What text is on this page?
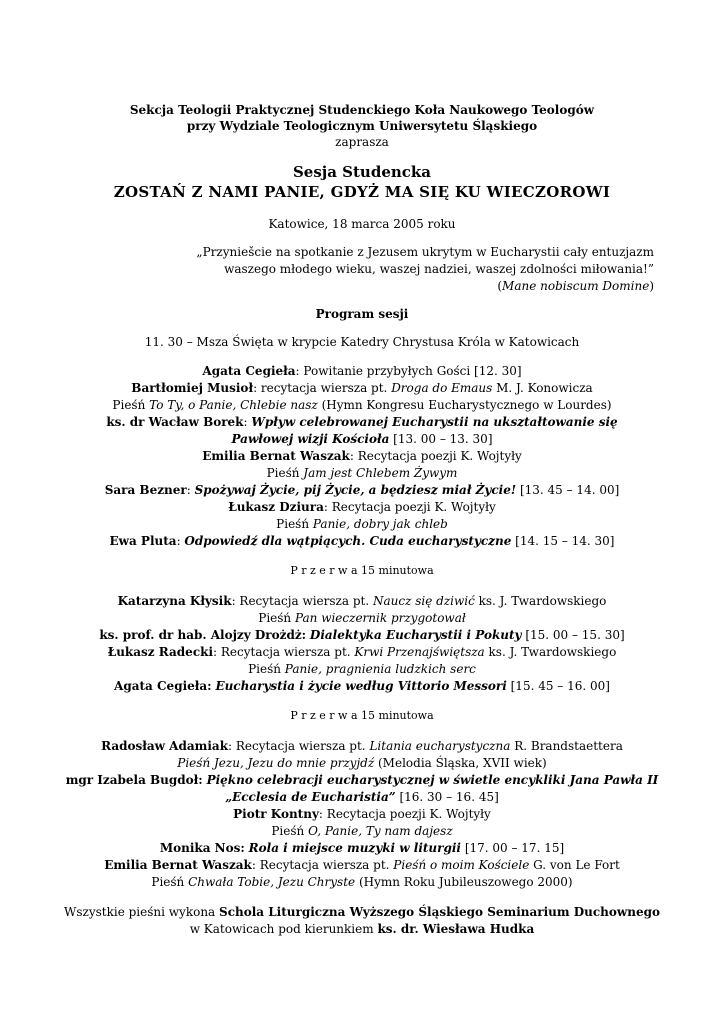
Sekcja Teologii Praktycznej Studenckiego Koła Naukowego Teologów
przy Wydziale Teologicznym Uniwersytetu Śląskiego
zaprasza
Sesja Studencka
ZOSTAŃ Z NAMI PANIE, GDYŻ MA SIĘ KU WIECZOROWI
Katowice, 18 marca 2005 roku
„Przyniešcie na spotkanie z Jezusem ukrytym w Eucharystii cały entuzjazm
waszego młodego wieku, waszej nadziei, waszej zdolności miłowania!”
(Mane nobiscum Domine)
Program sesji
11. 30 – Msza Święta w krypcie Katedry Chrystusa Króla w Katowicach
Agata Cegieła: Powitanie przybyłych Gości [12. 30]
Bartłomiej Musioł: recytacja wiersza pt. Droga do Emaus M. J. Konowicza
Pieśń To Ty, o Panie, Chlebie nasz (Hymn Kongresu Eucharystycznego w Lourdes)
ks. dr Wacław Borek: Wpływ celebrowanej Eucharystii na ukształtowanie się
Pawłowej wizji Kościoła [13. 00 – 13. 30]
Emilia Bernat Waszak: Recytacja poezji K. Wojtyły
Pieśń Jam jest Chlebem Żywym
Sara Bezner: Spożywaj Życie, pij Życie, a będziesz miał Życie! [13. 45 – 14. 00]
Łukasz Dziura: Recytacja poezji K. Wojtyły
Pieśń Panie, dobry jak chleb
Ewa Pluta: Odpowiedź dla wątpiących. Cuda eucharystyczne [14. 15 – 14. 30]
P r z e r w a 15 minutowa
Katarzyna Kłysik: Recytacja wiersza pt. Naucz się dziwić ks. J. Twardowskiego
Pieśń Pan wieczernik przygotował
ks. prof. dr hab. Alojzy Drożdż: Dialektyka Eucharystii i Pokuty [15. 00 – 15. 30]
Łukasz Radecki: Recytacja wiersza pt. Krwi Przenajświętsza ks. J. Twardowskiego
Pieśń Panie, pragnienia ludzkich serc
Agata Cegieła: Eucharystia i życie według Vittorio Messori [15. 45 – 16. 00]
P r z e r w a 15 minutowa
Radosław Adamiak: Recytacja wiersza pt. Litania eucharystyczna R. Brandstaettera
Pieśń Jezu, Jezu do mnie przyjdź (Melodia Śląska, XVII wiek)
mgr Izabela Bugdoł: Piękno celebracji eucharystycznej w świetle encykliki Jana Pawła II
„Ecclesia de Eucharistia” [16. 30 – 16. 45]
Piotr Kontny: Recytacja poezji K. Wojtyły
Pieśń O, Panie, Ty nam dajesz
Monika Nos: Rola i miejsce muzyki w liturgii [17. 00 – 17. 15]
Emilia Bernat Waszak: Recytacja wiersza pt. Pieśń o moim Kościele G. von Le Fort
Pieśń Chwała Tobie, Jezu Chryste (Hymn Roku Jubileuszowego 2000)
Wszystkie pieśni wykona Schola Liturgiczna Wyższego Śląskiego Seminarium Duchownego
w Katowicach pod kierunkiem ks. dr. Wiesława Hudka
